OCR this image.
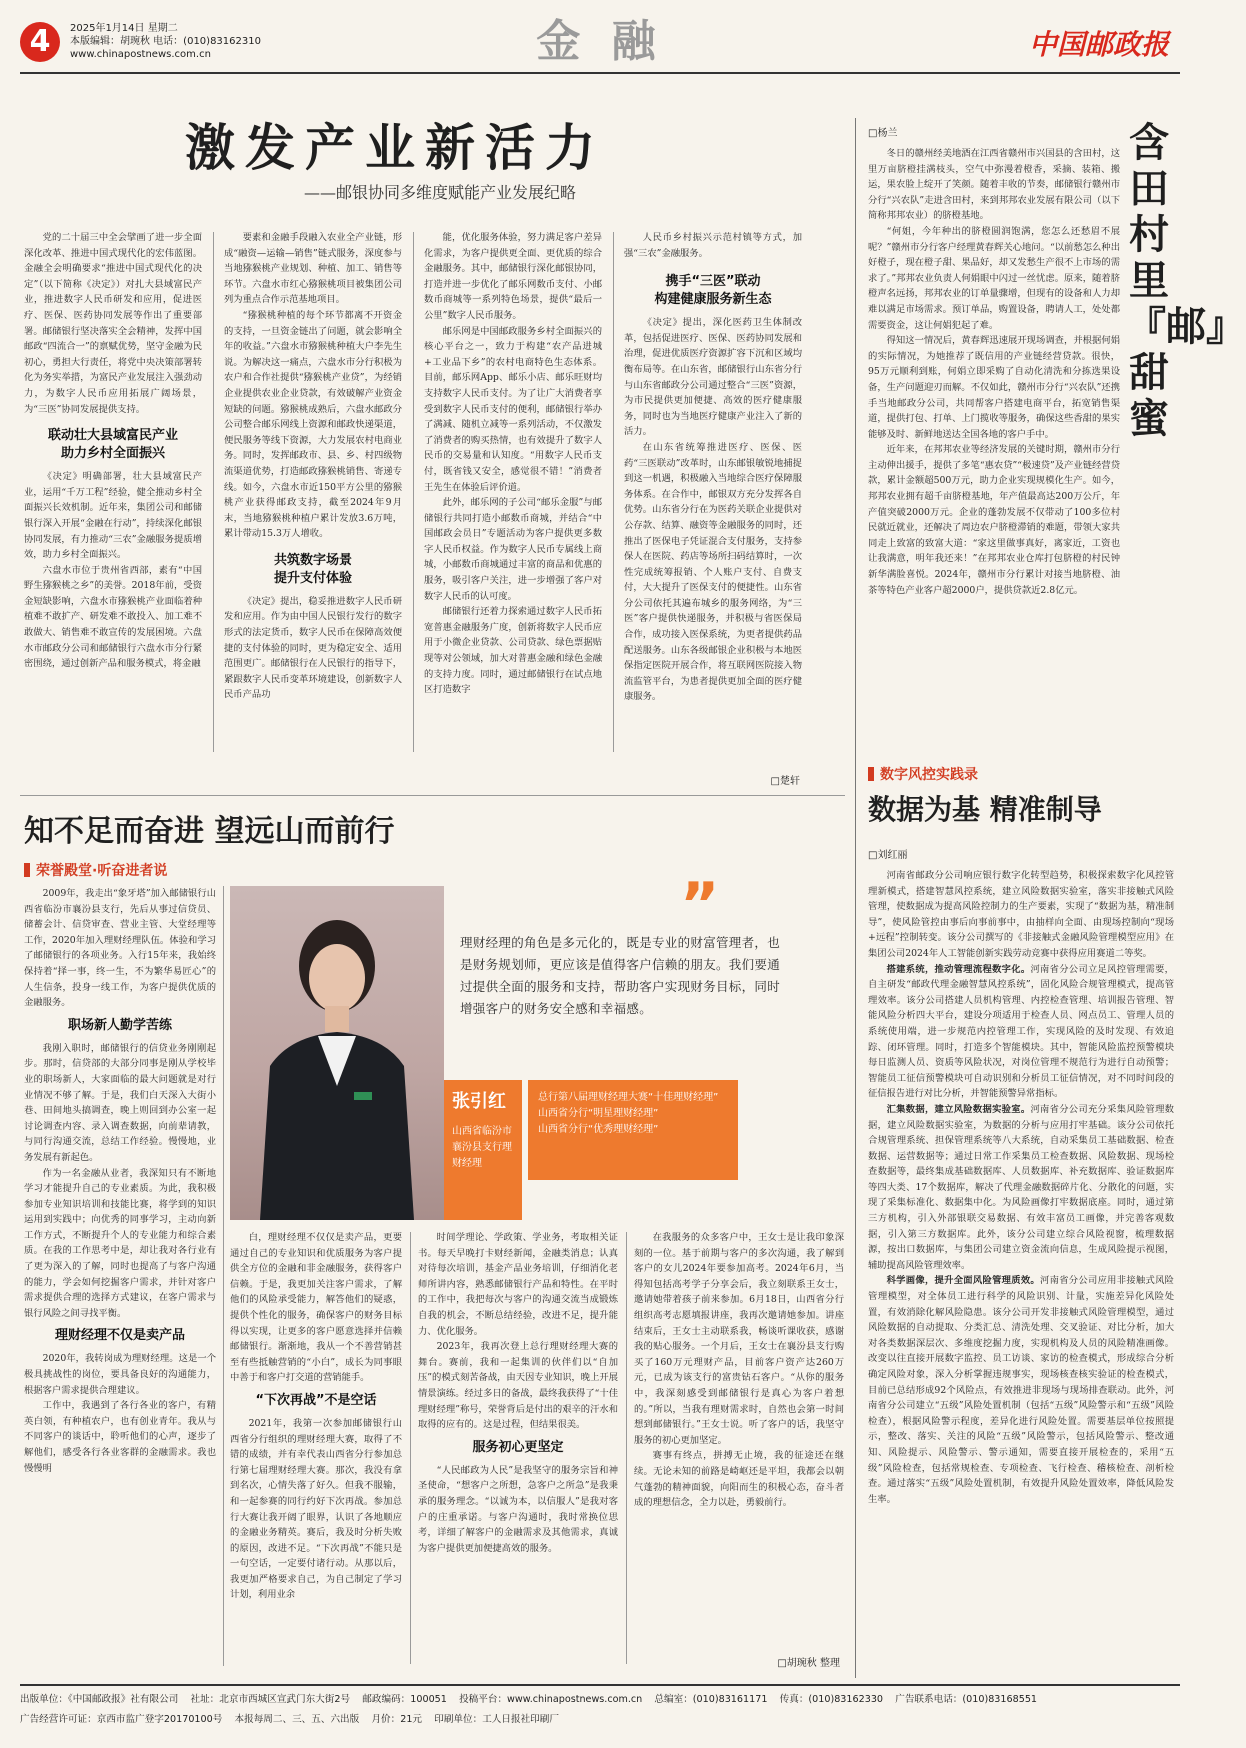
4	2025年1月14日 星期二
本版编辑：胡琬秋 电话：(010)83162310
www.chinapostnews.com.cn	金 融	中国邮政报
激发产业新活力
——邮银协同多维度赋能产业发展纪略

党的二十届三中全会擘画了进一步全面深化改革、推进中国式现代化的宏伟蓝图。金融全会明确要求“推进中国式现代化的决定”（以下简称《决定》）对扎大县域富民产业，推进数字人民币研发和应用，促进医疗、医保、医药协同发展等作出了重要部署。邮储银行坚决落实全会精神，发挥中国邮政“四流合一”的禀赋优势，坚守金融为民初心，勇担大行责任，将党中央决策部署转化为务实举措，为富民产业发展注入强劲动力，为数字人民币应用拓展广阔场景，为“三医”协同发展提供支持。

联动壮大县域富民产业
助力乡村全面振兴

《决定》明确部署，壮大县域富民产业，运用“千万工程”经验，健全推动乡村全面振兴长效机制。近年来，集团公司和邮储银行深入开展“金融在行动”，持续深化邮银协同发展，有力推动“三农”金融服务提质增效，助力乡村全面振兴。

六盘水市位于贵州省西部，素有“中国野生猕猴桃之乡”的美誉。2018年前，受资金短缺影响，六盘水市猕猴桃产业面临着种植难不敢扩产、研发难不敢投入、加工难不敢做大、销售难不敢宣传的发展困境。六盘水市邮政分公司和邮储银行六盘水市分行紧密围绕，通过创新产品和服务模式，将金融

要素和金融手段融入农业全产业链，形成“融资—运输—销售”链式服务，深度参与当地猕猴桃产业规划、种植、加工、销售等环节。六盘水市红心猕猴桃项目被集团公司列为重点合作示范基地项目。

“猕猴桃种植的每个环节都离不开资金的支持，一旦资金链出了问题，就会影响全年的收益。”六盘水市猕猴桃种植大户李先生说。为解决这一痛点，六盘水市分行积极为农户和合作社提供“猕猴桃产业贷”，为经销企业提供农业企业贷款，有效破解产业资金短缺的问题。猕猴桃成熟后，六盘水邮政分公司整合邮乐网线上资源和邮政快递渠道，便民服务等线下资源，大力发展农村电商业务。同时，发挥邮政市、县、乡、村四级物流渠道优势，打造邮政猕猴桃销售、寄递专线。如今，六盘水市近150平方公里的猕猴桃产业获得邮政支持，截至2024年9月末，当地猕猴桃种植户累计发放3.6万吨，累计带动15.3万人增收。

共筑数字场景
提升支付体验

《决定》提出，稳妥推进数字人民币研发和应用。作为由中国人民银行发行的数字形式的法定货币，数字人民币在保障高效便捷的支付体验的同时，更为稳定安全、适用范围更广。邮储银行在人民银行的指导下，紧跟数字人民币变革环境建设，创新数字人民币产品功

能，优化服务体验，努力满足客户差异化需求，为客户提供更全面、更优质的综合金融服务。其中，邮储银行深化邮银协同，打造并进一步优化了邮乐网数币支付、小邮数币商城等一系列特色场景，提供“最后一公里”数字人民币服务。

邮乐网是中国邮政服务乡村全面振兴的核心平台之一，致力于构建“农产品进城+工业品下乡”的农村电商特色生态体系。目前，邮乐网App、邮乐小店、邮乐旺财均支持数字人民币支付。为了让广大消费者享受到数字人民币支付的便利，邮储银行举办了满减、随机立减等一系列活动，不仅激发了消费者的购买热情，也有效提升了数字人民币的交易量和认知度。“用数字人民币支付，既省钱又安全，感觉很不错！”消费者王先生在体验后评价道。

此外，邮乐网的子公司“邮乐金服”与邮储银行共同打造小邮数币商城，并结合“中国邮政会员日”专题活动为客户提供更多数字人民币权益。作为数字人民币专属线上商城，小邮数币商城通过丰富的商品和优惠的服务，吸引客户关注，进一步增强了客户对数字人民币的认可度。

邮储银行还着力探索通过数字人民币拓宽普惠金融服务广度，创新将数字人民币应用于小微企业贷款、公司贷款、绿色票据贴现等对公领域，加大对普惠金融和绿色金融的支持力度。同时，通过邮储银行在试点地区打造数字

人民币乡村振兴示范村镇等方式，加强“三农”金融服务。

携手“三医”联动
构建健康服务新生态

《决定》提出，深化医药卫生体制改革，包括促进医疗、医保、医药协同发展和治理，促进优质医疗资源扩容下沉和区域均衡布局等。在山东省，邮储银行山东省分行与山东省邮政分公司通过整合“三医”资源，为市民提供更加便捷、高效的医疗健康服务，同时也为当地医疗健康产业注入了新的活力。

在山东省统筹推进医疗、医保、医药“三医联动”改革时，山东邮银敏锐地捕捉到这一机遇，积极融入当地综合医疗保障服务体系。在合作中，邮银双方充分发挥各自优势。山东省分行在为医药关联企业提供对公存款、结算、融资等金融服务的同时，还推出了医保电子凭证混合支付服务，支持参保人在医院、药店等场所扫码结算时，一次性完成统筹报销、个人账户支付、自费支付，大大提升了医保支付的便捷性。山东省分公司依托其遍布城乡的服务网络，为“三医”客户提供快递服务，并积极与省医保局合作，成功接入医保系统，为更者提供药品配送服务。山东各级邮银企业积极与本地医保指定医院开展合作，将互联网医院接入物流监管平台，为患者提供更加全面的医疗健康服务。

□楚轩
□杨兰	含田村里『邮』甜蜜

冬日的赣州经美地酒在江西省赣州市兴国县的含田村，这里万亩脐橙挂满枝头，空气中弥漫着橙香，采摘、装箱、搬运，果农脸上绽开了笑颜。随着丰收的节奏，邮储银行赣州市分行“兴农队”走进含田村，来到邦邦农业发展有限公司（以下简称邦邦农业）的脐橙基地。

“何姐，今年种出的脐橙圆润饱满，您怎么还愁眉不展呢？”赣州市分行客户经理黄春辉关心地问。“以前愁怎么种出好橙子，现在橙子甜、果品好，却又发愁生产很不上市场的需求了。”邦邦农业负责人何娟眼中闪过一丝忧虑。原来，随着脐橙声名远扬，邦邦农业的订单量骤增，但现有的设备和人力却难以满足市场需求。预订单品，购置设备，聘请人工，处处都需要资金，这让何娟犯起了难。

得知这一情况后，黄春辉迅速展开现场调查，并根据何娟的实际情况，为她推荐了既信用的产业链经营贷款。很快，95万元顺利到账，何娟立即采购了自动化清洗和分拣选果设备，生产问题迎刃而解。不仅如此，赣州市分行“兴农队”还携手当地邮政分公司，共同帮客户搭建电商平台，拓宽销售渠道，提供打包、打单、上门揽收等服务，确保这些香甜的果实能够及时、新鲜地送达全国各地的客户手中。

近年来，在邦邦农业等经济发展的关键时期，赣州市分行主动伸出援手，提供了多笔“惠农贷”“极速贷”及产业链经营贷款，累计金额超500万元，助力企业实现规模化生产。如今，邦邦农业拥有超千亩脐橙基地，年产值最高达200万公斤，年产值突破2000万元。企业的蓬勃发展不仅带动了100多位村民就近就业，还解决了周边农户脐橙滞销的难题，带领大家共同走上致富的致富大道：“家这里做事真好，离家近，工资也让我满意，明年我还来！”在邦邦农业仓库打包脐橙的村民钟新华满脸喜悦。2024年，赣州市分行累计对接当地脐橙、油茶等特色产业客户超2000户，提供贷款近2.8亿元。

数字风控实践录
数据为基 精准制导
□刘红丽

河南省邮政分公司响应银行数字化转型趋势，积极探索数字化风控管理新模式，搭建智慧风控系统，建立风险数据实验室，落实非接触式风险管理，使数据成为提高风险控制力的生产要素，实现了“数据为基，精准制导”，使风险管控由事后向事前事中，由抽样向全面、由现场控制向“现场+远程”控制转变。该分公司撰写的《非接触式金融风险管理模型应用》在集团公司2024年人工智能创新实践劳动竞赛中获得应用赛道二等奖。

搭建系统，推动管理流程数字化。河南省分公司立足风控管理需要，自主研发“邮政代理金融智慧风控系统”，固化风险合规管理模式，提高管理效率。该分公司搭建人员机构管理、内控检查管理、培训报告管理、智能风险分析四大平台，建设分项适用于检查人员、网点员工、管理人员的系统使用端，进一步规范内控管理工作，实现风险的及时发现、有效追踪、闭环管理。同时，打造多个智能模块。其中，智能风险监控预警模块每日监测人员、资质等风险状况，对岗位管理不规范行为进行自动预警；智能员工征信预警模块可自动识别和分析员工征信情况，对不同时间段的征信报告进行对比分析，并智能预警异常指标。

汇集数据，建立风险数据实验室。河南省分公司充分采集风险管理数据，建立风险数据实验室，为数据的分析与应用打牢基础。该分公司依托合规管理系统、担保管理系统等八大系统，自动采集员工基础数据、检查数据、运营数据等；通过日常工作采集员工检查数据、风险数据、现场检查数据等，最终集成基础数据库、人员数据库、补充数据库、验证数据库等四大类、17个数据库，解决了代理金融数据碎片化、分散化的问题，实现了采集标准化、数据集中化。为风险画像打牢数据底座。同时，通过第三方机构，引入外部银联交易数据、有效丰富员工画像，并完善客观数据，引入第三方数据库。此外，该分公司建立综合风险视窗，梳理数据源，按出口数据库，与集团公司建立资金流向信息，生成风险提示视图，辅助提高风险管理效率。

科学画像，提升全面风险管理质效。河南省分公司应用非接触式风险管理模型，对全体员工进行科学的风险识别、计量，实施差异化风险处置，有效消除化解风险隐患。该分公司开发非接触式风险管理模型，通过风险数据的自动提取、分类汇总、清洗处理、交叉验证、对比分析，加大对各类数据深层次、多维度挖掘力度，实现机构及人员的风险精准画像。改变以往直接开展数字监控、员工访谈、家访的检查模式，形成综合分析确定风险对象，深入分析掌握违规事实，现场核查核实验证的检查模式，目前已总结形成92个风险点，有效推进非现场与现场排查联动。此外，河南省分公司建立“五级”风险处置机制（包括“五级”风险警示和“五级”风险检查），根据风险警示程度，差异化进行风险处置。需要基层单位按照提示，整改、落实、关注的风险“五级”风险警示，包括风险警示、整改通知、风险提示、风险警示、警示通知，需要直接开展检查的，采用“五级”风险检查，包括常规检查、专项检查、飞行检查、稽核检查、剖析检查。通过落实“五级”风险处置机制，有效提升风险处置效率，降低风险发生率。

知不足而奋进 望远山而前行
荣誉殿堂·听奋进者说	”
理财经理的角色是多元化的，既是专业的财富管理者，也是财务规划师，更应该是值得客户信赖的朋友。我们要通过提供全面的服务和支持，帮助客户实现财务目标，同时增强客户的财务安全感和幸福感。
张引红
山西省临汾市襄汾县支行理财经理
总行第八届理财经理大赛“十佳理财经理”
山西省分行“明星理财经理”
山西省分行“优秀理财经理”

2009年，我走出“象牙塔”加入邮储银行山西省临汾市襄汾县支行，先后从事过信贷员、储蓄会计、信贷审查、营业主管、大堂经理等工作，2020年加入理财经理队伍。体验和学习了邮储银行的各项业务。入行15年来，我始终保持着“择一事，终一生，不为繁华易匠心”的人生信条，投身一线工作，为客户提供优质的金融服务。

职场新人勤学苦练

我刚入职时，邮储银行的信贷业务刚刚起步。那时，信贷部的大部分同事是刚从学校毕业的职场新人，大家面临的最大问题就是对行业情况不够了解。于是，我们白天深入大街小巷、田间地头搞调查，晚上则回到办公室一起讨论调查内容、录入调查数据，向前辈请教，与同行沟通交流，总结工作经验。慢慢地，业务发展有新起色。

作为一名金融从业者，我深知只有不断地学习才能提升自己的专业素质。为此，我积极参加专业知识培训和技能比赛，将学到的知识运用到实践中；向优秀的同事学习，主动向新工作方式，不断提升个人的专业能力和综合素质。在我的工作思考中是，却让我对各行业有了更为深入的了解，同时也提高了与客户沟通的能力，学会如何挖掘客户需求，并针对客户需求提供合理的选择方式建议，在客户需求与银行风险之间寻找平衡。

理财经理不仅是卖产品

2020年，我转岗成为理财经理。这是一个极具挑战性的岗位，要具备良好的沟通能力，根据客户需求提供合理建议。

工作中，我遇到了各行各业的客户，有精英白领，有种植农户，也有创业青年。我从与不同客户的谈话中，聆听他们的心声，逐步了解他们，感受各行各业客群的金融需求。我也慢慢明

白，理财经理不仅仅是卖产品，更要通过自己的专业知识和优质服务为客户提供全方位的金融和非金融服务，获得客户信赖。于是，我更加关注客户需求，了解他们的风险承受能力，解答他们的疑惑，提供个性化的服务，确保客户的财务目标得以实现，让更多的客户愿意选择并信赖邮储银行。渐渐地，我从一个不善营销甚至有些抵触营销的“小白”，成长为同事眼中善于和客户打交道的营销能手。

“下次再战”不是空话

2021年，我第一次参加邮储银行山西省分行组织的理财经理大赛，取得了不错的成绩，并有幸代表山西省分行参加总行第七届理财经理大赛。那次，我没有拿到名次，心情失落了好久。但我不服输，和一起参赛的同行约好下次再战。参加总行大赛让我开阔了眼界，认识了各地顺应的金融业务精英。赛后，我及时分析失败的原因，改进不足。“下次再战”不能只是一句空话，一定要付诸行动。从那以后，我更加严格要求自己，为自己制定了学习计划，利用业余

时间学理论、学政策、学业务，考取相关证书。每天早晚打卡财经新闻，金融类消息；认真对待每次培训，基金产品业务培训，仔细消化老师所讲内容，熟悉邮储银行产品和特性。在平时的工作中，我把每次与客户的沟通交流当成锻炼自我的机会，不断总结经验，改进不足，提升能力、优化服务。

2023年，我再次登上总行理财经理大赛的舞台。赛前，我和一起集训的伙伴们以“自加压”的模式刻苦备战，由天因专业知识，晚上开展情景演练。经过多日的备战，最终我获得了“十佳理财经理”称号，荣誉背后是付出的艰辛的汗水和取得的应有的。这是过程，但结果很美。

服务初心更坚定

“人民邮政为人民”是我坚守的服务宗旨和神圣使命，“想客户之所想，急客户之所急”是我秉承的服务理念。“以诚为本，以信服人”是我对客户的庄重承诺。与客户沟通时，我时常换位思考，详细了解客户的金融需求及其他需求，真诚为客户提供更加便捷高效的服务。

在我服务的众多客户中，王女士是让我印象深刻的一位。基于前期与客户的多次沟通，我了解到客户的女儿2024年要参加高考。2024年6月，当得知包括高考学子分享会后，我立刻联系王女士，邀请她带着孩子前来参加。6月18日，山西省分行组织高考志愿填报讲座，我再次邀请她参加。讲座结束后，王女士主动联系我，畅谈听课收获，感谢我的贴心服务。一个月后，王女士在襄汾县支行购买了160万元理财产品，目前客户资产达260万元，已成为该支行的富贵钻石客户。“从你的服务中，我深刻感受到邮储银行是真心为客户着想的。”所以，当我有理财需求时，自然也会第一时间想到邮储银行。”王女士说。听了客户的话，我坚守服务的初心更加坚定。

赛事有终点，拼搏无止境，我的征途还在继续。无论未知的前路是崎岖还是平坦，我都会以朝气蓬勃的精神面貌，向阳而生的积极心态，奋斗者成的理想信念，全力以赴，勇毅前行。

□胡琬秋 整理
出版单位：《中国邮政报》社有限公司    社址：北京市西城区宣武门东大街2号    邮政编码：100051    投稿平台：www.chinapostnews.com.cn    总编室：(010)83161171    传真：(010)83162330    广告联系电话：(010)83168551
广告经营许可证：京西市监广登字20170100号    本报每周二、三、五、六出版    月价：21元    印刷单位：工人日报社印刷厂
